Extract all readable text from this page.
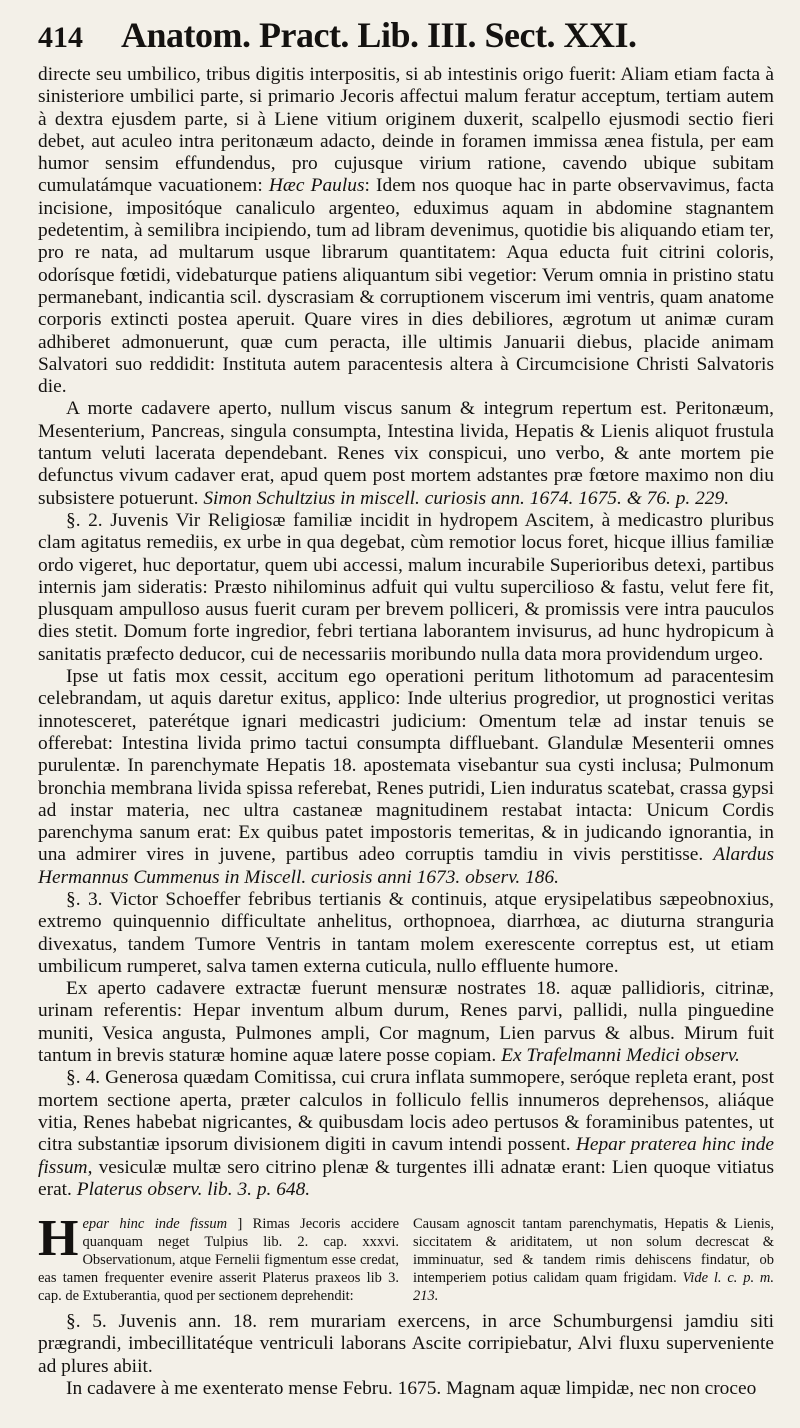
414 Anatom. Pract. Lib. III. Sect. XXI.

directe seu umbilico, tribus digitis interpositis, si ab intestinis origo fuerit: Aliam etiam facta à sinisteriore umbilici parte, si primario Jecoris affectui malum feratur acceptum, tertiam autem à dextra ejusdem parte, si à Liene vitium originem duxerit, scalpello ejusmodi sectio fieri debet, aut aculeo intra peritonæum adacto, deinde in foramen immissa ænea fistula, per eam humor sensim effundendus, pro cujusque virium ratione, cavendo ubique subitam cumulatámque vacuationem: Hæc Paulus: Idem nos quoque hac in parte observavimus, facta incisione, impositóque canaliculo argenteo, eduximus aquam in abdomine stagnantem pedetentim, à semilibra incipiendo, tum ad libram devenimus, quotidie bis aliquando etiam ter, pro re nata, ad multarum usque librarum quantitatem: Aqua educta fuit citrini coloris, odorísque fœtidi, videbaturque patiens aliquantum sibi vegetior: Verum omnia in pristino statu permanebant, indicantia scil. dyscrasiam & corruptionem viscerum imi ventris, quam anatome corporis extincti postea aperuit. Quare vires in dies debiliores, ægrotum ut animæ curam adhiberet admonuerunt, quæ cum peracta, ille ultimis Januarii diebus, placide animam Salvatori suo reddidit: Instituta autem paracentesis altera à Circumcisione Christi Salvatoris die.

A morte cadavere aperto, nullum viscus sanum & integrum repertum est. Peritonæum, Mesenterium, Pancreas, singula consumpta, Intestina livida, Hepatis & Lienis aliquot frustula tantum veluti lacerata dependebant. Renes vix conspicui, uno verbo, & ante mortem pie defunctus vivum cadaver erat, apud quem post mortem adstantes præ fœtore maximo non diu subsistere potuerunt. Simon Schultzius in miscell. curiosis ann. 1674. 1675. & 76. p. 229.

§. 2. Juvenis Vir Religiosæ familiæ incidit in hydropem Ascitem, à medicastro pluribus clam agitatus remediis, ex urbe in qua degebat, cùm remotior locus foret, hicque illius familiæ ordo vigeret, huc deportatur, quem ubi accessi, malum incurabile Superioribus detexi, partibus internis jam sideratis: Præsto nihilominus adfuit qui vultu supercilioso & fastu, velut fere fit, plusquam ampulloso ausus fuerit curam per brevem polliceri, & promissis vere intra pauculos dies stetit. Domum forte ingredior, febri tertiana laborantem invisurus, ad hunc hydropicum à sanitatis præfecto deducor, cui de necessariis moribundo nulla data mora providendum urgeo.

Ipse ut fatis mox cessit, accitum ego operationi peritum lithotomum ad paracentesim celebrandam, ut aquis daretur exitus, applico: Inde ulterius progredior, ut prognostici veritas innotesceret, paterétque ignari medicastri judicium: Omentum telæ ad instar tenuis se offerebat: Intestina livida primo tactui consumpta diffluebant. Glandulæ Mesenterii omnes purulentæ. In parenchymate Hepatis 18. apostemata visebantur sua cysti inclusa; Pulmonum bronchia membrana livida spissa referebat, Renes putridi, Lien induratus scatebat, crassa gypsi ad instar materia, nec ultra castaneæ magnitudinem restabat intacta: Unicum Cordis parenchyma sanum erat: Ex quibus patet impostoris temeritas, & in judicando ignorantia, in una admirer vires in juvene, partibus adeo corruptis tamdiu in vivis perstitisse. Alardus Hermannus Cummenus in Miscell. curiosis anni 1673. observ. 186.

§. 3. Victor Schoeffer febribus tertianis & continuis, atque erysipelatibus sæpeobnoxius, extremo quinquennio difficultate anhelitus, orthopnoea, diarrhœa, ac diuturna stranguria divexatus, tandem Tumore Ventris in tantam molem exerescente correptus est, ut etiam umbilicum rumperet, salva tamen externa cuticula, nullo effluente humore.

Ex aperto cadavere extractæ fuerunt mensuræ nostrates 18. aquæ pallidioris, citrinæ, urinam referentis: Hepar inventum album durum, Renes parvi, pallidi, nulla pinguedine muniti, Vesica angusta, Pulmones ampli, Cor magnum, Lien parvus & albus. Mirum fuit tantum in brevis staturæ homine aquæ latere posse copiam. Ex Trafelmanni Medici observ.

§. 4. Generosa quædam Comitissa, cui crura inflata summopere, seróque repleta erant, post mortem sectione aperta, præter calculos in folliculo fellis innumeros deprehensos, aliáque vitia, Renes habebat nigricantes, & quibusdam locis adeo pertusos & foraminibus patentes, ut citra substantiæ ipsorum divisionem digiti in cavum intendi possent. Hepar praterea hinc inde fissum, vesiculæ multæ sero citrino plenæ & turgentes illi adnatæ erant: Lien quoque vitiatus erat. Platerus observ. lib. 3. p. 648.

Hepar hinc inde fissum ] Rimas Jecoris accidere quanquam neget Tulpius lib. 2. cap. xxxvi. Observationum, atque Fernelii figmentum esse credat, eas tamen frequenter evenire asserit Platerus praxeos lib 3. cap. de Extuberantia, quod per sectionem deprehendit:

Causam agnoscit tantam parenchymatis, Hepatis & Lienis, siccitatem & ariditatem, ut non solum decrescat & imminuatur, sed & tandem rimis dehiscens findatur, ob intemperiem potius calidam quam frigidam. Vide l. c. p. m. 213.

§. 5. Juvenis ann. 18. rem murariam exercens, in arce Schumburgensi jamdiu siti prægrandi, imbecillitatéque ventriculi laborans Ascite corripiebatur, Alvi fluxu superveniente ad plures abiit.

In cadavere à me exenterato mense Febru. 1675. Magnam aquæ limpidæ, nec non croceo
